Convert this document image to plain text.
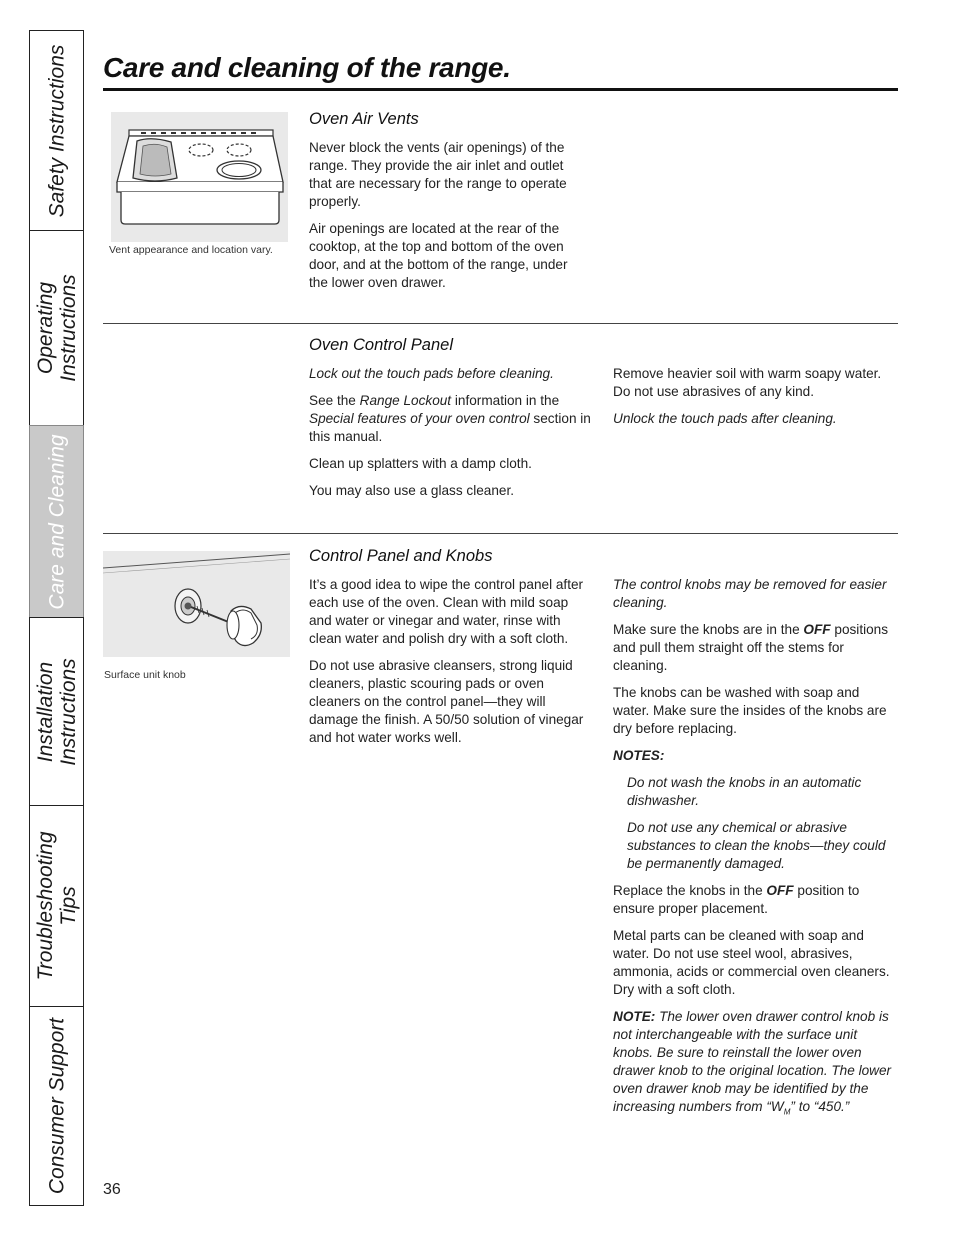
Safety Instructions
Operating Instructions
Care and Cleaning
Installation Instructions
Troubleshooting Tips
Consumer Support
Care and cleaning of the range.
Vent appearance and location vary.
Oven Air Vents

Never block the vents (air openings) of the range. They provide the air inlet and outlet that are necessary for the range to operate properly.

Air openings are located at the rear of the cooktop, at the top and bottom of the oven door, and at the bottom of the range, under the lower oven drawer.

Oven Control Panel

Lock out the touch pads before cleaning.

See the Range Lockout information in the Special features of your oven control section in this manual.

Clean up splatters with a damp cloth.

You may also use a glass cleaner.

Remove heavier soil with warm soapy water. Do not use abrasives of any kind.

Unlock the touch pads after cleaning.

Surface unit knob
Control Panel and Knobs

It’s a good idea to wipe the control panel after each use of the oven. Clean with mild soap and water or vinegar and water, rinse with clean water and polish dry with a soft cloth.

Do not use abrasive cleansers, strong liquid cleaners, plastic scouring pads or oven cleaners on the control panel—they will damage the finish. A 50/50 solution of vinegar and hot water works well.

The control knobs may be removed for easier cleaning.

Make sure the knobs are in the OFF positions and pull them straight off the stems for cleaning.

The knobs can be washed with soap and water. Make sure the insides of the knobs are dry before replacing.

NOTES:

Do not wash the knobs in an automatic dishwasher.

Do not use any chemical or abrasive substances to clean the knobs—they could be permanently damaged.

Replace the knobs in the OFF position to ensure proper placement.

Metal parts can be cleaned with soap and water. Do not use steel wool, abrasives, ammonia, acids or commercial oven cleaners. Dry with a soft cloth.

NOTE: The lower oven drawer control knob is not interchangeable with the surface unit knobs. Be sure to reinstall the lower oven drawer knob to the original location. The lower oven drawer knob may be identified by the increasing numbers from “$W_M$” to “450.”

36
